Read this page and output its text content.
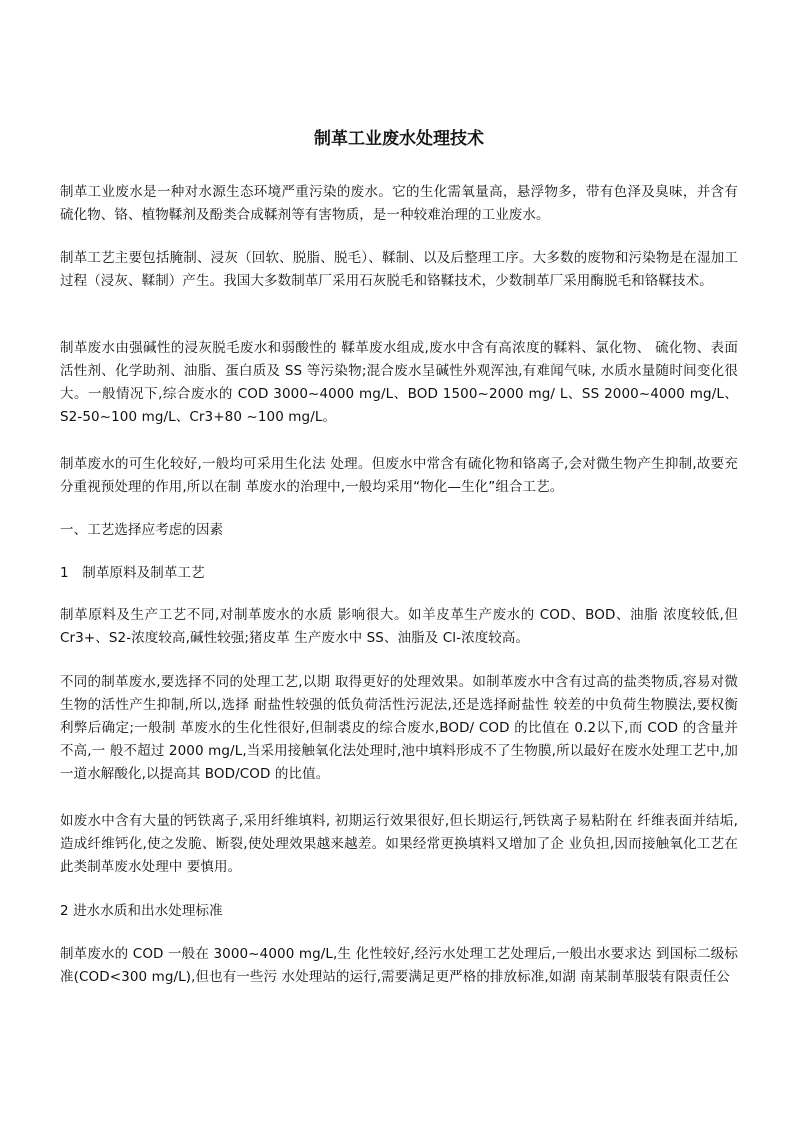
制革工业废水处理技术

制革工业废水是一种对水源生态环境严重污染的废水。它的生化需氧量高，悬浮物多，带有色泽及臭味，并含有硫化物、铬、植物鞣剂及酚类合成鞣剂等有害物质，是一种较难治理的工业废水。

制革工艺主要包括腌制、浸灰（回软、脱脂、脱毛）、鞣制、以及后整理工序。大多数的废物和污染物是在湿加工过程（浸灰、鞣制）产生。我国大多数制革厂采用石灰脱毛和铬鞣技术，少数制革厂采用酶脱毛和铬鞣技术。

制革废水由强碱性的浸灰脱毛废水和弱酸性的 鞣革废水组成,废水中含有高浓度的鞣料、氯化物、 硫化物、表面活性剂、化学助剂、油脂、蛋白质及 SS 等污染物;混合废水呈碱性外观浑浊,有难闻气味, 水质水量随时间变化很大。一般情况下,综合废水的 COD 3000~4000 mg/L、BOD 1500~2000 mg/ L、SS 2000~4000 mg/L、S2-50~100 mg/L、Cr3+80 ~100 mg/L。

制革废水的可生化较好,一般均可采用生化法 处理。但废水中常含有硫化物和铬离子,会对微生物产生抑制,故要充分重视预处理的作用,所以在制 革废水的治理中,一般均采用“物化—生化”组合工艺。

一、工艺选择应考虑的因素

1　制革原料及制革工艺

制革原料及生产工艺不同,对制革废水的水质 影响很大。如羊皮革生产废水的 COD、BOD、油脂 浓度较低,但 Cr3+、S2-浓度较高,碱性较强;猪皮革 生产废水中 SS、油脂及 Cl-浓度较高。

不同的制革废水,要选择不同的处理工艺,以期 取得更好的处理效果。如制革废水中含有过高的盐类物质,容易对微生物的活性产生抑制,所以,选择 耐盐性较强的低负荷活性污泥法,还是选择耐盐性 较差的中负荷生物膜法,要权衡利弊后确定;一般制 革废水的生化性很好,但制裘皮的综合废水,BOD/ COD 的比值在 0.2以下,而 COD 的含量并不高,一 般不超过 2000 mg/L,当采用接触氧化法处理时,池中填料形成不了生物膜,所以最好在废水处理工艺中,加一道水解酸化,以提高其 BOD/COD 的比值。

如废水中含有大量的钙铁离子,采用纤维填料, 初期运行效果很好,但长期运行,钙铁离子易粘附在 纤维表面并结垢,造成纤维钙化,使之发脆、断裂,使处理效果越来越差。如果经常更换填料又增加了企 业负担,因而接触氧化工艺在此类制革废水处理中 要慎用。

2 进水水质和出水处理标准

制革废水的 COD 一般在 3000~4000 mg/L,生 化性较好,经污水处理工艺处理后,一般出水要求达 到国标二级标准(COD<300 mg/L),但也有一些污 水处理站的运行,需要满足更严格的排放标准,如湖 南某制革服装有限责任公
